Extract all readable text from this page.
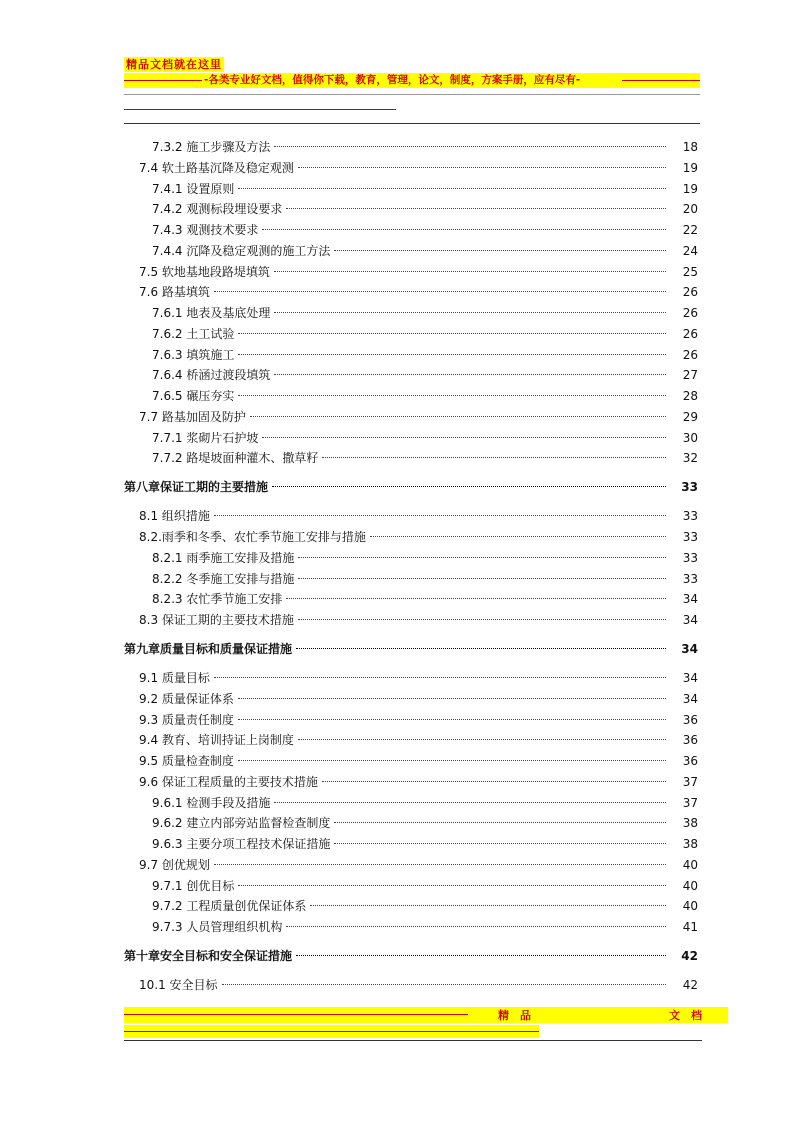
精品文档就在这里
-各类专业好文档，值得你下载，教育，管理，论文，制度，方案手册，应有尽有-
7.3.2 施工步骤及方法	18
7.4 软土路基沉降及稳定观测	19
7.4.1 设置原则	19
7.4.2 观测标段埋设要求	20
7.4.3 观测技术要求	22
7.4.4 沉降及稳定观测的施工方法	24
7.5 软地基地段路堤填筑	25
7.6 路基填筑	26
7.6.1 地表及基底处理	26
7.6.2 土工试验	26
7.6.3 填筑施工	26
7.6.4 桥涵过渡段填筑	27
7.6.5 碾压夯实	28
7.7 路基加固及防护	29
7.7.1 浆砌片石护坡	30
7.7.2 路堤坡面种灌木、撒草籽	32
第八章保证工期的主要措施	33
8.1 组织措施	33
8.2.雨季和冬季、农忙季节施工安排与措施	33
8.2.1 雨季施工安排及措施	33
8.2.2 冬季施工安排与措施	33
8.2.3 农忙季节施工安排	34
8.3 保证工期的主要技术措施	34
第九章质量目标和质量保证措施	34
9.1 质量目标	34
9.2 质量保证体系	34
9.3 质量责任制度	36
9.4 教育、培训持证上岗制度	36
9.5 质量检查制度	36
9.6 保证工程质量的主要技术措施	37
9.6.1 检测手段及措施	37
9.6.2 建立内部旁站监督检查制度	38
9.6.3 主要分项工程技术保证措施	38
9.7 创优规划	40
9.7.1 创优目标	40
9.7.2 工程质量创优保证体系	40
9.7.3 人员管理组织机构	41
第十章安全目标和安全保证措施	42
10.1 安全目标	42
精　品	文　档
